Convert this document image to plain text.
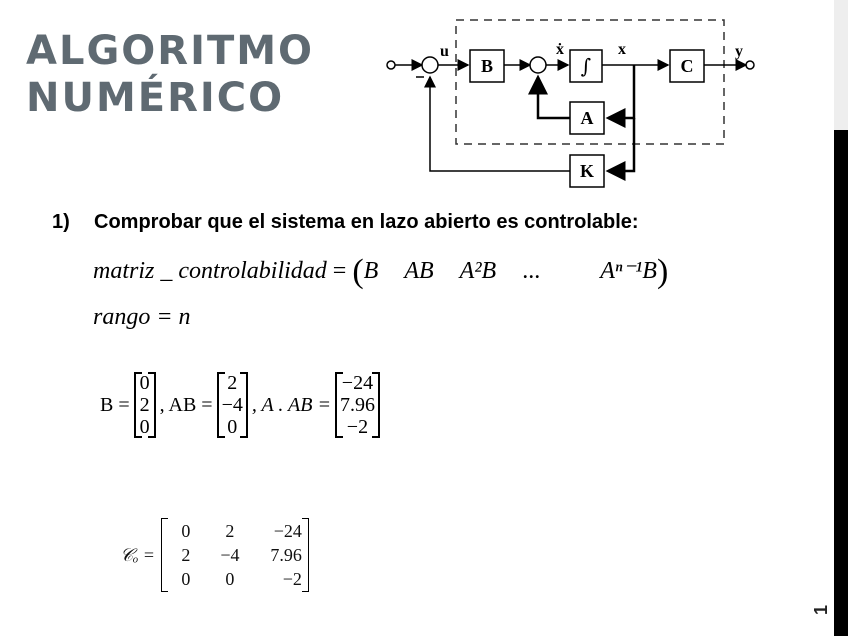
ALGORITMO
NUMÉRICO
1
u
B
ẋ
∫
x
C
y
A
K
1) Comprobar que el sistema en lazo abierto es controlable:
matriz _ controlabilidad = (B AB A²B ...	Aⁿ⁻¹B)
rango = n
B =
0
2
0
, AB =
2
−4
0
, A . AB =
−24
7.96
−2
𝒞ₒ =
0	2	−24
2	−4	7.96
0	0	−2
